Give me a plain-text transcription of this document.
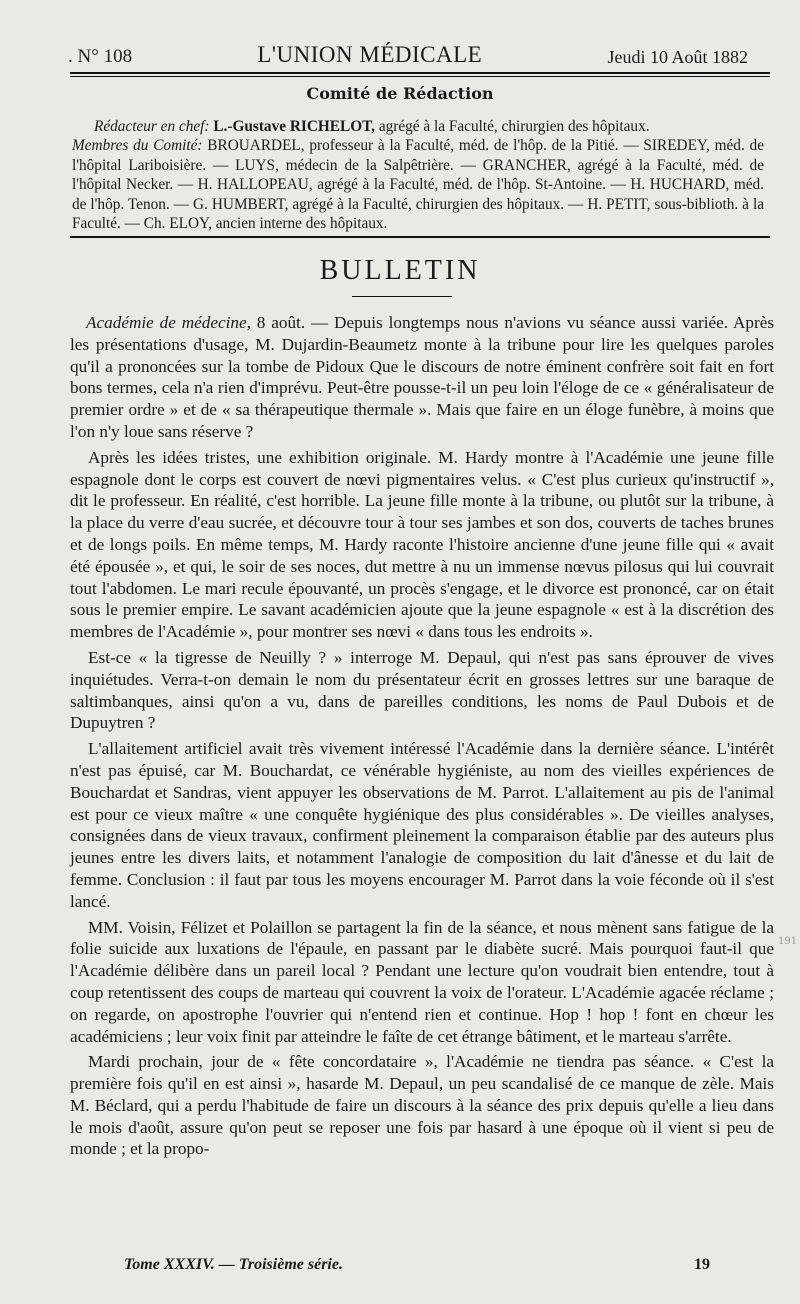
. N° 108	L'UNION MÉDICALE	Jeudi 10 Août 1882
Comité de Rédaction

Rédacteur en chef: L.-Gustave RICHELOT, agrégé à la Faculté, chirurgien des hôpitaux.

Membres du Comité: BROUARDEL, professeur à la Faculté, méd. de l'hôp. de la Pitié. — SIREDEY, méd. de l'hôpital Lariboisière. — LUYS, médecin de la Salpêtrière. — GRANCHER, agrégé à la Faculté, méd. de l'hôpital Necker. — H. HALLOPEAU, agrégé à la Faculté, méd. de l'hôp. St-Antoine. — H. HUCHARD, méd. de l'hôp. Tenon. — G. HUMBERT, agrégé à la Faculté, chirurgien des hôpitaux. — H. PETIT, sous-biblioth. à la Faculté. — Ch. ELOY, ancien interne des hôpitaux.

BULLETIN

Académie de médecine, 8 août. — Depuis longtemps nous n'avions vu séance aussi variée. Après les présentations d'usage, M. Dujardin-Beaumetz monte à la tribune pour lire les quelques paroles qu'il a prononcées sur la tombe de Pidoux Que le discours de notre éminent confrère soit fait en fort bons termes, cela n'a rien d'imprévu. Peut-être pousse-t-il un peu loin l'éloge de ce « généralisateur de premier ordre » et de « sa thérapeutique thermale ». Mais que faire en un éloge funèbre, à moins que l'on n'y loue sans réserve ?

Après les idées tristes, une exhibition originale. M. Hardy montre à l'Académie une jeune fille espagnole dont le corps est couvert de nœvi pigmentaires velus. « C'est plus curieux qu'instructif », dit le professeur. En réalité, c'est horrible. La jeune fille monte à la tribune, ou plutôt sur la tribune, à la place du verre d'eau sucrée, et découvre tour à tour ses jambes et son dos, couverts de taches brunes et de longs poils. En même temps, M. Hardy raconte l'histoire ancienne d'une jeune fille qui « avait été épousée », et qui, le soir de ses noces, dut mettre à nu un immense nœvus pilosus qui lui couvrait tout l'abdomen. Le mari recule épouvanté, un procès s'engage, et le divorce est prononcé, car on était sous le premier empire. Le savant académicien ajoute que la jeune espagnole « est à la discrétion des membres de l'Académie », pour montrer ses nœvi « dans tous les endroits ».

Est-ce « la tigresse de Neuilly ? » interroge M. Depaul, qui n'est pas sans éprouver de vives inquiétudes. Verra-t-on demain le nom du présentateur écrit en grosses lettres sur une baraque de saltimbanques, ainsi qu'on a vu, dans de pareilles conditions, les noms de Paul Dubois et de Dupuytren ?

L'allaitement artificiel avait très vivement intéressé l'Académie dans la dernière séance. L'intérêt n'est pas épuisé, car M. Bouchardat, ce vénérable hygiéniste, au nom des vieilles expériences de Bouchardat et Sandras, vient appuyer les observations de M. Parrot. L'allaitement au pis de l'animal est pour ce vieux maître « une conquête hygiénique des plus considérables ». De vieilles analyses, consignées dans de vieux travaux, confirment pleinement la comparaison établie par des auteurs plus jeunes entre les divers laits, et notamment l'analogie de composition du lait d'ânesse et du lait de femme. Conclusion : il faut par tous les moyens encourager M. Parrot dans la voie féconde où il s'est lancé.

MM. Voisin, Félizet et Polaillon se partagent la fin de la séance, et nous mènent sans fatigue de la folie suicide aux luxations de l'épaule, en passant par le diabète sucré. Mais pourquoi faut-il que l'Académie délibère dans un pareil local ? Pendant une lecture qu'on voudrait bien entendre, tout à coup retentissent des coups de marteau qui couvrent la voix de l'orateur. L'Académie agacée réclame ; on regarde, on apostrophe l'ouvrier qui n'entend rien et continue. Hop ! hop ! font en chœur les académiciens ; leur voix finit par atteindre le faîte de cet étrange bâtiment, et le marteau s'arrête.

Mardi prochain, jour de « fête concordataire », l'Académie ne tiendra pas séance. « C'est la première fois qu'il en est ainsi », hasarde M. Depaul, un peu scandalisé de ce manque de zèle. Mais M. Béclard, qui a perdu l'habitude de faire un discours à la séance des prix depuis qu'elle a lieu dans le mois d'août, assure qu'on peut se reposer une fois par hasard à une époque où il vient si peu de monde ; et la propo-

Tome XXXIV. — Troisième série.	19
191
